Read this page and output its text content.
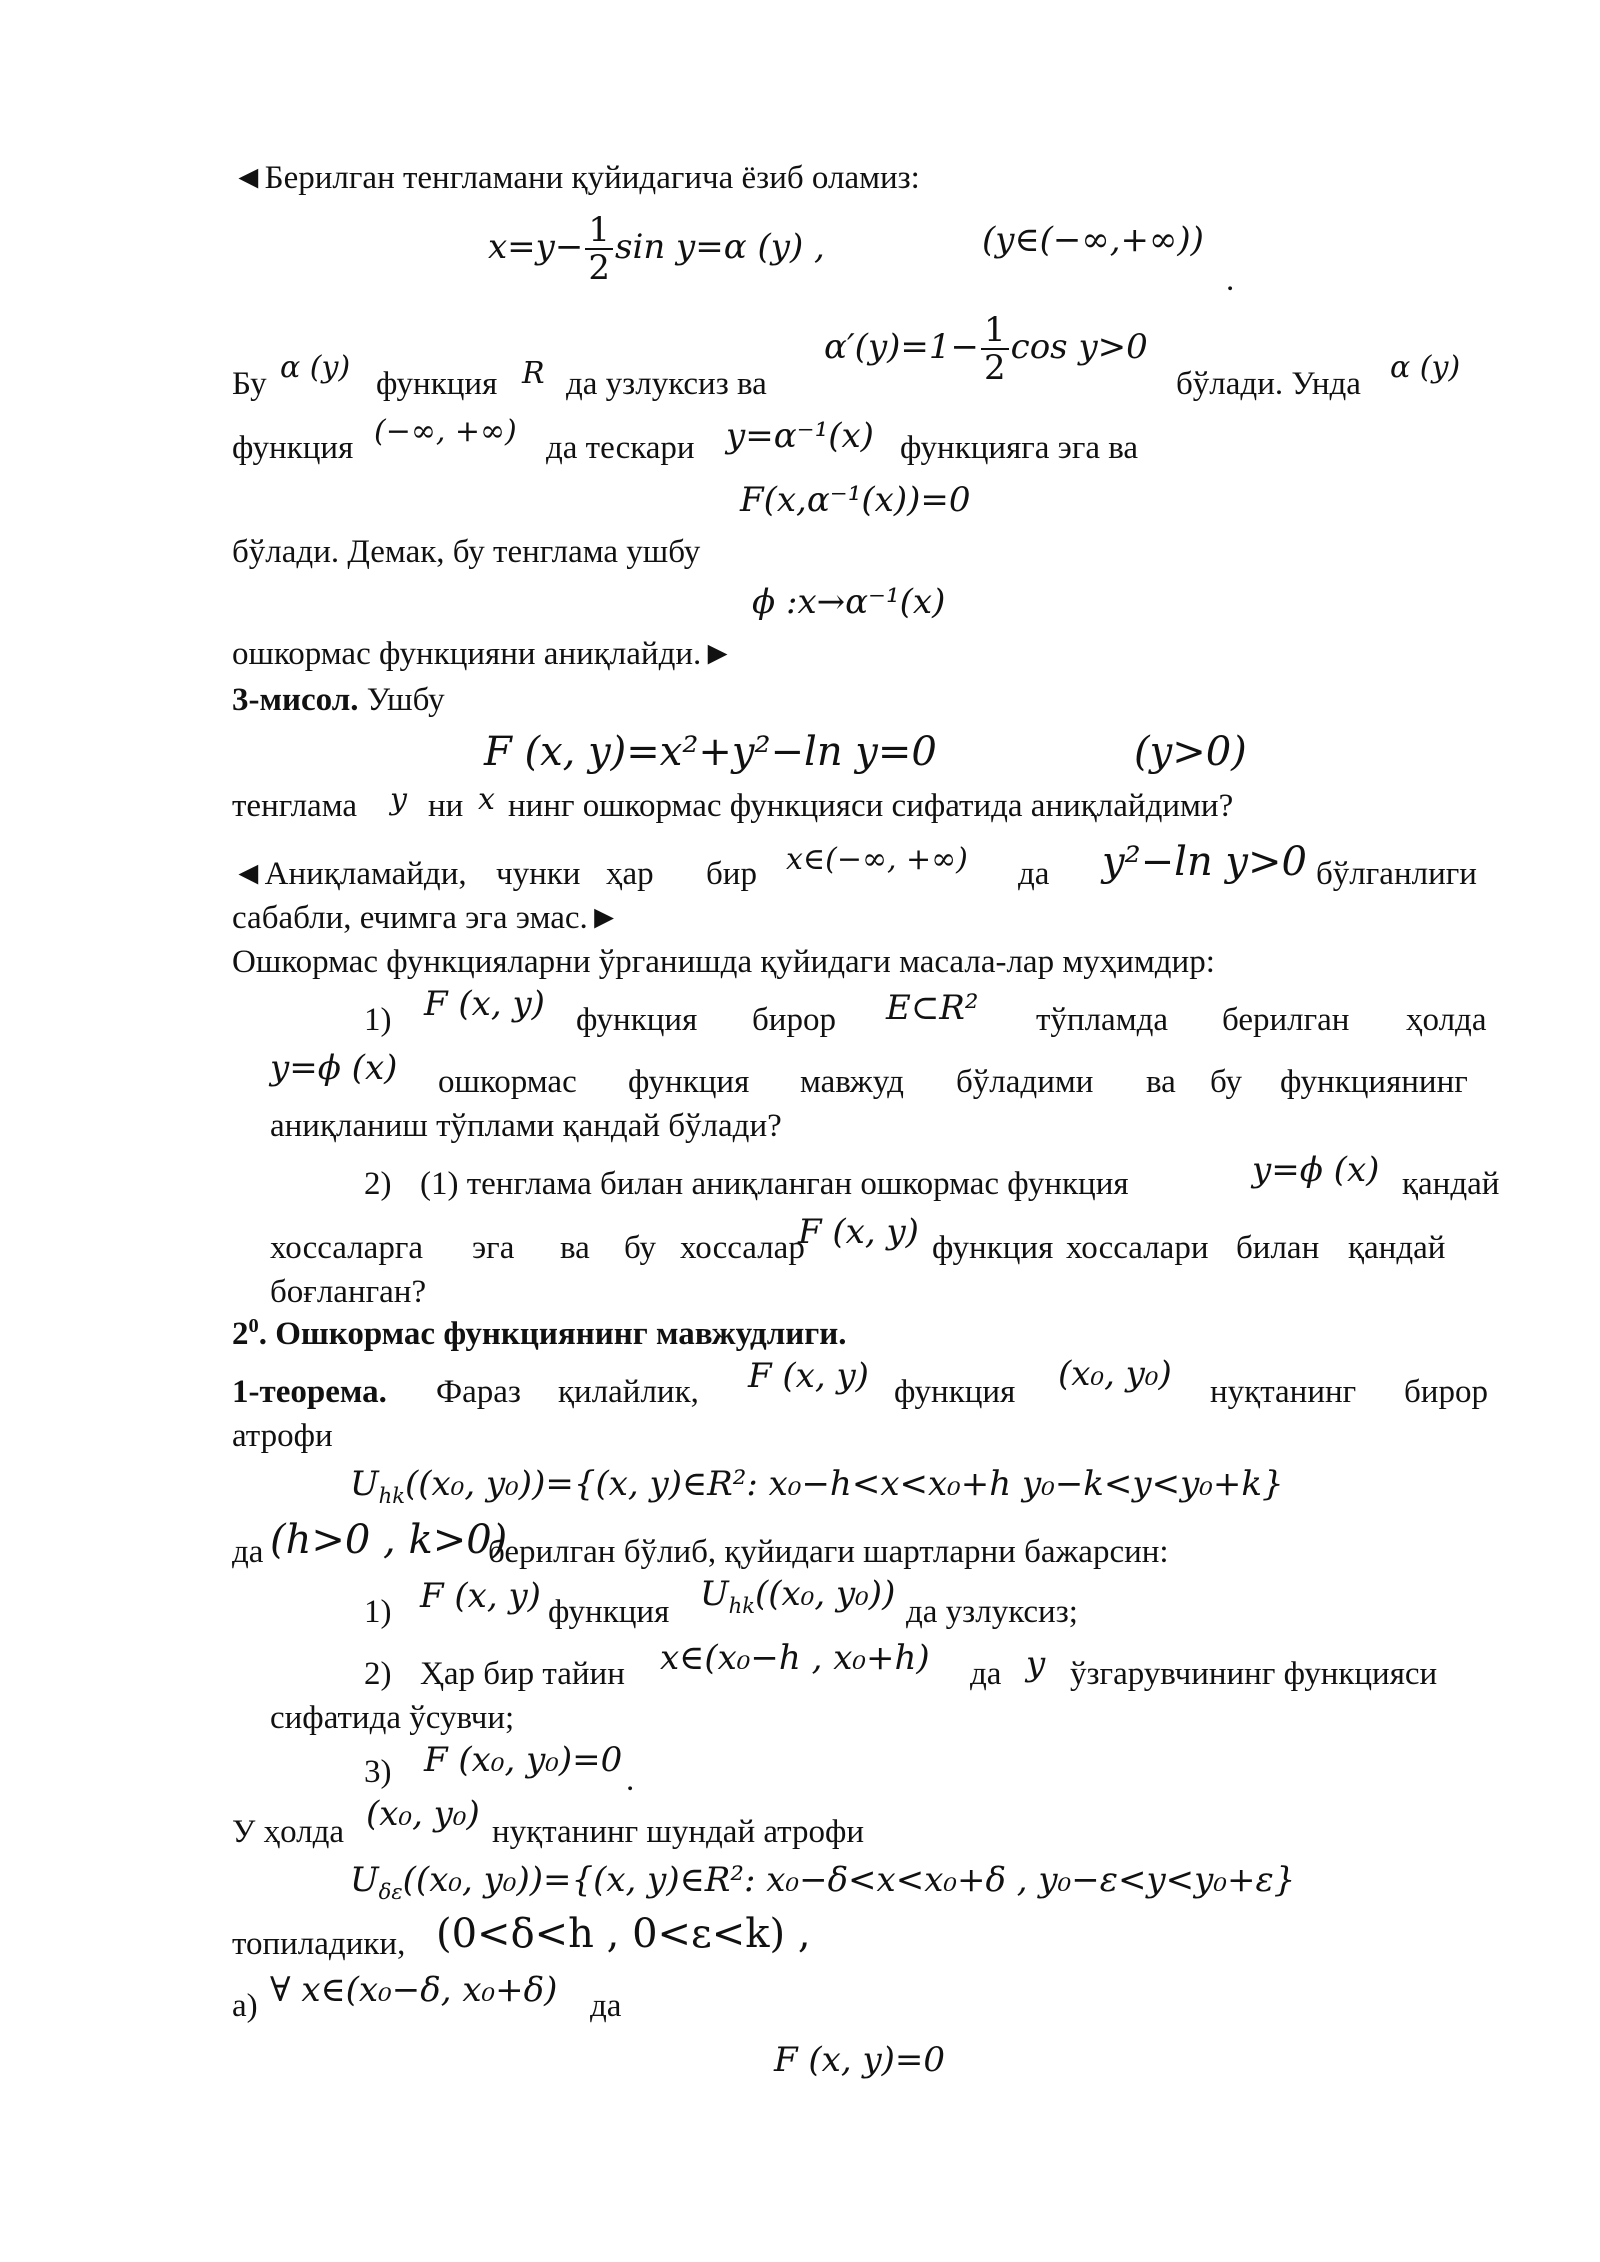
◄Берилган тенгламани қуйидагича ёзиб оламиз:
$x=y- \frac{1}{2}$ sin y=α (y) ,	(y∈(−∞,+∞))
.
Бу α (y) функция R да узлуксиз ва
$\alpha'(y)=1- \frac{1}{2}$ cos y>0
бўлади. Унда α (y)
функция (−∞, +∞) да тескари y=α⁻¹(x) функцияга эга ва
F(x,α⁻¹(x))=0
бўлади. Демак, бу тенглама ушбу
ϕ :x→α⁻¹(x)
ошкормас функцияни аниқлайди.►
3-мисол. Ушбу
F (x, y)=x²+y²−ln y=0	(y>0)
тенглама y ни x нинг ошкормас функцияси сифатида аниқлайдими?
◄Аниқламайди, чунки ҳар бир x∈(−∞, +∞) да y²−ln y>0 бўлганлиги
сабабли, ечимга эга эмас.►
Ошкормас функцияларни ўрганишда қуйидаги масала-лар муҳимдир:
1) F (x, y) функция бирор E⊂R² тўпламда берилган ҳолда
y=ϕ (x) ошкормас функция мавжуд бўладими ва бу функциянинг
аниқланиш тўплами қандай бўлади?
2) (1) тенглама билан аниқланган ошкормас функция	y=ϕ (x) қандай
хоссаларга эга ва бу хоссалар
F (x, y) функция хоссалари билан қандай
боғланган?
$2^0$. Ошкормас функциянинг мавжудлиги.
1-теорема. Фараз қилайлик, F (x, y) функция (x₀, y₀) нуқтанинг бирор
атрофи
$U_{hk}((x_0$, y₀))={(x, y)∈R²: x₀−h<x<x₀+h y₀−k<y<y₀+k}
да (h>0 , k>0)
берилган бўлиб, қуйидаги шартларни бажарсин:
1) F (x, y) функция $U_{hk}((x_0$, y₀)) да узлуксиз;
2) Ҳар бир тайин x∈(x₀−h , x₀+h) да y ўзгарувчининг функцияси
сифатида ўсувчи;
3) F (x₀, y₀)=0 .
У ҳолда (x₀, y₀) нуқтанинг шундай атрофи
$U_{\delta\varepsilon}((x_0$, y₀))={(x, y)∈R²: x₀−δ<x<x₀+δ , y₀−ε<y<y₀+ε}
топиладики, (0<δ<h , 0<ε<k) ,
a) ∀ x∈(x₀−δ, x₀+δ) да
F (x, y)=0
